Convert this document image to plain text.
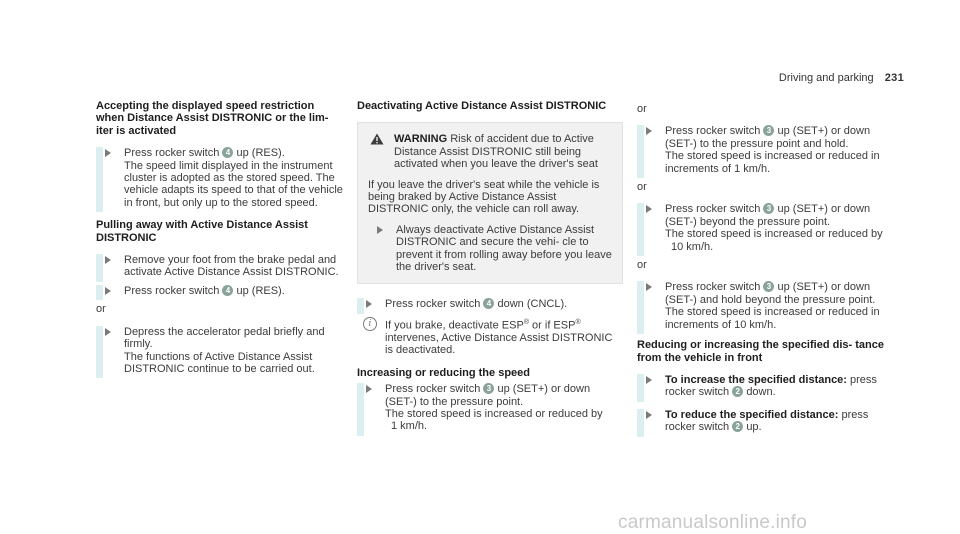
Driving and parking 231
Accepting the displayed speed restriction when Distance Assist DISTRONIC or the lim- iter is activated
Press rocker switch 4 up (RES).
The speed limit displayed in the instrument
cluster is adopted as the stored speed. The
vehicle adapts its speed to that of the vehicle
in front, but only up to the stored speed.
Pulling away with Active Distance Assist DISTRONIC
Remove your foot from the brake pedal and activate Active Distance Assist DISTRONIC.
Press rocker switch 4 up (RES).
or
Depress the accelerator pedal briefly and
firmly.
The functions of Active Distance Assist
DISTRONIC continue to be carried out.
Deactivating Active Distance Assist DISTRONIC
WARNING Risk of accident due to Active Distance Assist DISTRONIC still being activated when you leave the driver's seat

If you leave the driver's seat while the vehicle is being braked by Active Distance Assist DISTRONIC only, the vehicle can roll away.

Always deactivate Active Distance Assist DISTRONIC and secure the vehi- cle to prevent it from rolling away before you leave the driver's seat.
Press rocker switch 4 down (CNCL).
i	If you brake, deactivate ESP® or if ESP® intervenes, Active Distance Assist DISTRONIC is deactivated.
Increasing or reducing the speed
Press rocker switch 3 up (SET+) or down
(SET-) to the pressure point.
The stored speed is increased or reduced by
1 km/h.
or
Press rocker switch 3 up (SET+) or down
(SET-) to the pressure point and hold.
The stored speed is increased or reduced in
increments of 1 km/h.
or
Press rocker switch 3 up (SET+) or down
(SET-) beyond the pressure point.
The stored speed is increased or reduced by
10 km/h.
or
Press rocker switch 3 up (SET+) or down
(SET-) and hold beyond the pressure point.
The stored speed is increased or reduced in
increments of 10 km/h.
Reducing or increasing the specified dis- tance from the vehicle in front
To increase the specified distance: press
rocker switch 2 down.
To reduce the specified distance: press
rocker switch 2 up.
carmanualsonline.info
